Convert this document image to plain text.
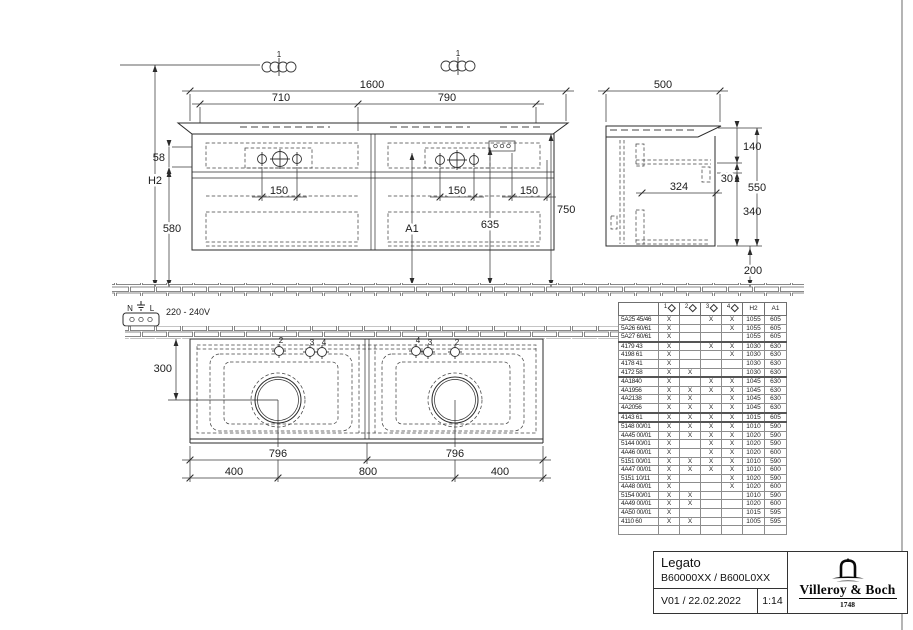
1	1
1600
710	790
150	150	150
A1	635
750
H2
58
580
500
324
140
30
340
550
200
N L 220 - 240V
300
2	3 4	4 3	2
796	796
400	800	400
	1	2	3	4	H2	A1
5A25 45/46	X		X	X	1055	605
5A26 60/61	X			X	1055	605
5A27 60/61	X				1055	605
4179 43	X		X	X	1030	630
4198 61	X			X	1030	630
4178 41	X				1030	630
4172 58	X	X			1030	630
4A1840	X		X	X	1045	630
4A1956	X	X	X	X	1045	630
4A2138	X	X		X	1045	630
4A2056	X	X	X	X	1045	630
4143 61	X	X	X	X	1015	605
5148 00/01	X	X	X	X	1010	590
4A45 00/01	X	X	X	X	1020	590
5144 00/01	X		X	X	1020	590
4A46 00/01	X		X	X	1020	600
5151 00/01	X	X	X	X	1010	590
4A47 00/01	X	X	X	X	1010	600
5151 10/11	X			X	1020	590
4A48 00/01	X			X	1020	600
5154 00/01	X	X			1010	590
4A49 00/01	X	X			1020	600
4A50 00/01	X				1015	595
4110 60	X	X			1005	595

Legato
B60000XX / B600L0XX
V01 / 22.02.2022	1:14
Villeroy & Boch
1748
